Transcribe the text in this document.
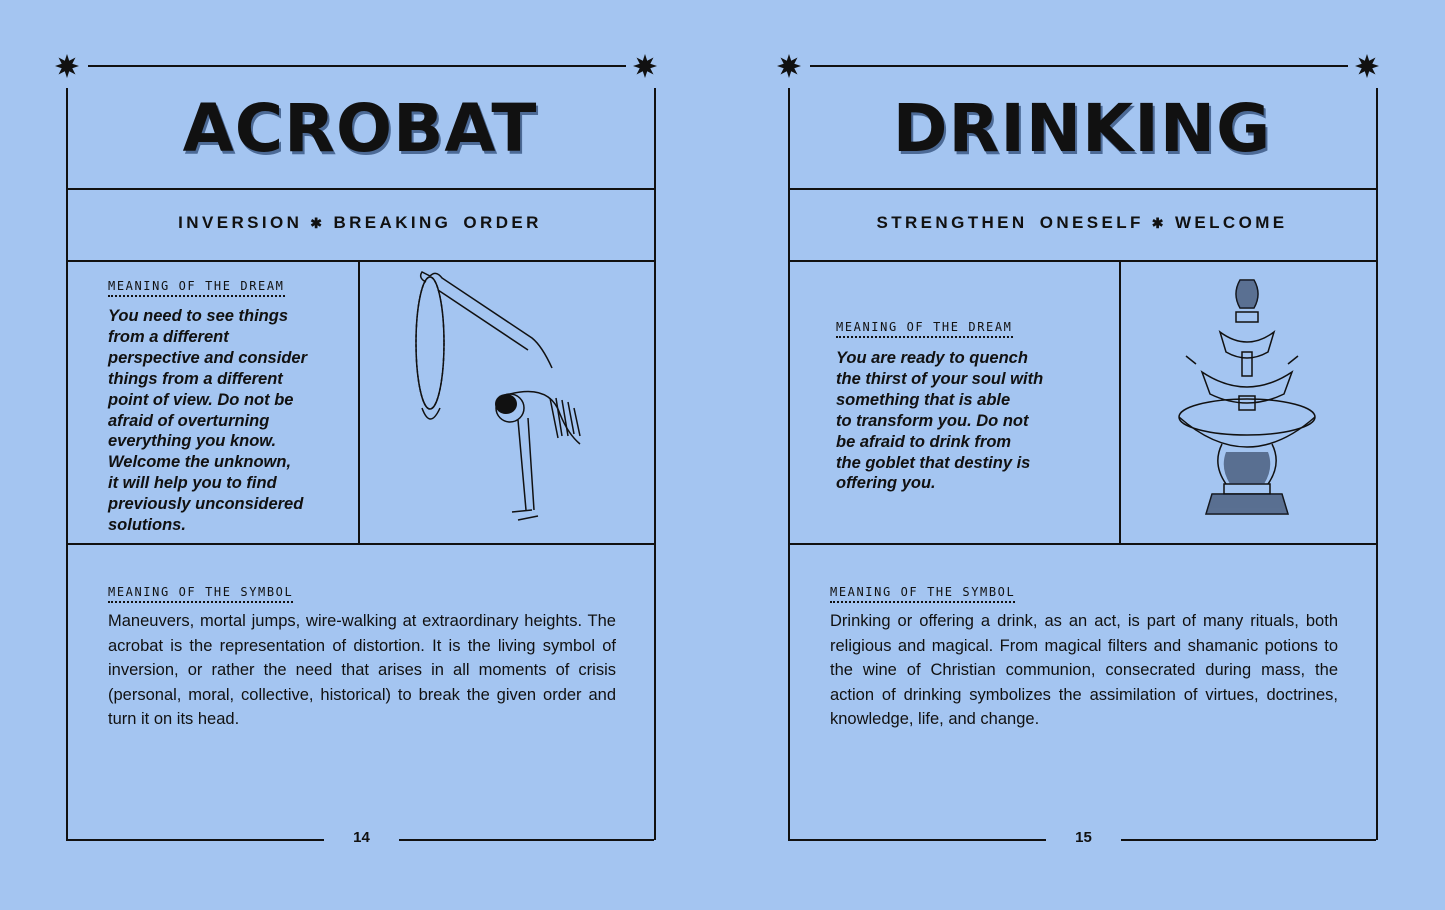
ACROBAT
INVERSION ✱ BREAKING ORDER
MEANING OF THE DREAM
You need to see things
from a different
perspective and consider
things from a different
point of view. Do not be
afraid of overturning
everything you know.
Welcome the unknown,
it will help you to find
previously unconsidered
solutions.
MEANING OF THE SYMBOL
Maneuvers, mortal jumps, wire-walking at extraordinary heights. The acrobat is the representation of distortion. It is the living symbol of inversion, or rather the need that arises in all moments of crisis (personal, moral, collective, historical) to break the given order and turn it on its head.
14
DRINKING
STRENGTHEN ONESELF ✱ WELCOME
MEANING OF THE DREAM
You are ready to quench
the thirst of your soul with
something that is able
to transform you. Do not
be afraid to drink from
the goblet that destiny is
offering you.
MEANING OF THE SYMBOL
Drinking or offering a drink, as an act, is part of many rituals, both religious and magical. From magical filters and shamanic potions to the wine of Christian communion, consecrated during mass, the action of drinking symbolizes the assimilation of virtues, doctrines, knowledge, life, and change.
15
